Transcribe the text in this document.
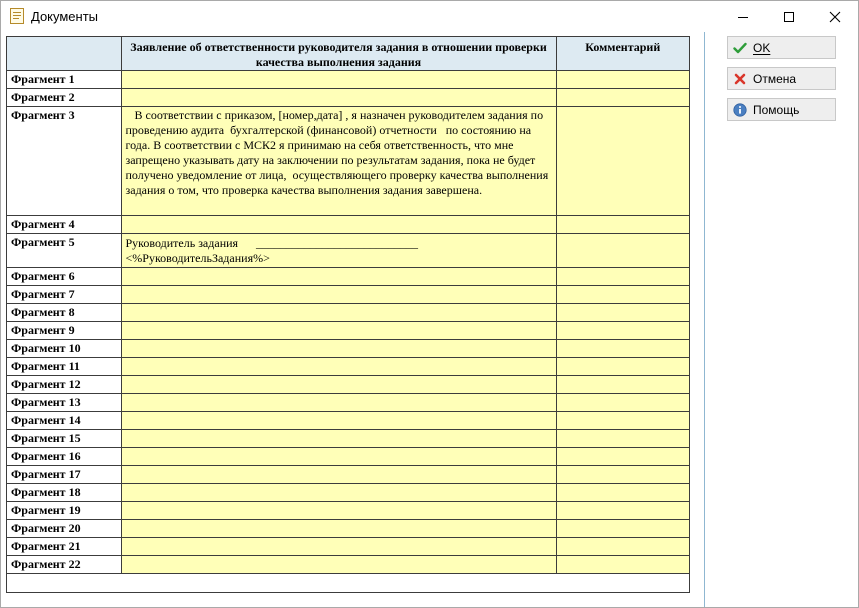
Документы
	Заявление об ответственности руководителя задания в отношении проверки качества выполнения задания	Комментарий
Фрагмент 1		
Фрагмент 2		
Фрагмент 3	В соответствии с приказом, [номер,дата] , я назначен руководителем задания по проведению аудита  бухгалтерской (финансовой) отчетности   по состоянию на  года. В соответствии с МСК2 я принимаю на себя ответственность, что мне запрещено указывать дату на заключении по результатам задания, пока не будет получено уведомление от лица,  осуществляющего проверку качества выполнения задания о том, что проверка качества выполнения задания завершена.	
Фрагмент 4		
Фрагмент 5	Руководитель задания      ___________________________
<%РуководительЗадания%>	
Фрагмент 6		
Фрагмент 7		
Фрагмент 8		
Фрагмент 9		
Фрагмент 10		
Фрагмент 11		
Фрагмент 12		
Фрагмент 13		
Фрагмент 14		
Фрагмент 15		
Фрагмент 16		
Фрагмент 17		
Фрагмент 18		
Фрагмент 19		
Фрагмент 20		
Фрагмент 21		
Фрагмент 22		
OK
Отмена
Помощь
